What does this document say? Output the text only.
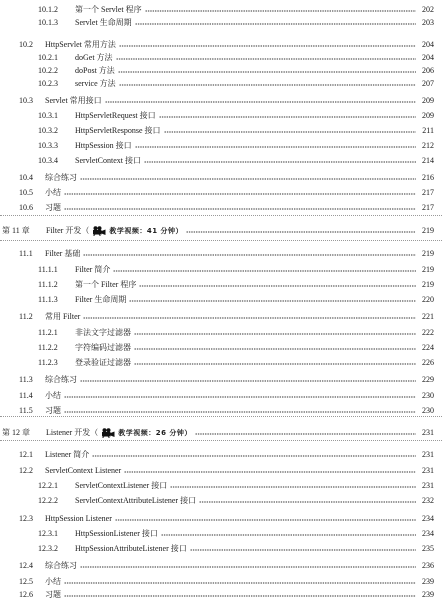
10.1.2	第一个 Servlet 程序	202
10.1.3	Servlet 生命周期	203
10.2	HttpServlet 常用方法	204
10.2.1	doGet 方法	204
10.2.2	doPost 方法	206
10.2.3	service 方法	207
10.3	Servlet 常用接口	209
10.3.1	HttpServletRequest 接口	209
10.3.2	HttpServletResponse 接口	211
10.3.3	HttpSession 接口	212
10.3.4	ServletContext 接口	214
10.4	综合练习	216
10.5	小结	217
10.6	习题	217
第 11 章	Filter 开发（	教学视频：41 分钟）	219
11.1	Filter 基础	219
11.1.1	Filter 简介	219
11.1.2	第一个 Filter 程序	219
11.1.3	Filter 生命周期	220
11.2	常用 Filter	221
11.2.1	非法文字过滤器	222
11.2.2	字符编码过滤器	224
11.2.3	登录验证过滤器	226
11.3	综合练习	229
11.4	小结	230
11.5	习题	230
第 12 章	Listener 开发（	教学视频：26 分钟）	231
12.1	Listener 简介	231
12.2	ServletContext Listener	231
12.2.1	ServletContextListener 接口	231
12.2.2	ServletContextAttributeListener 接口	232
12.3	HttpSession Listener	234
12.3.1	HttpSessionListener 接口	234
12.3.2	HttpSessionAttributeListener 接口	235
12.4	综合练习	236
12.5	小结	239
12.6	习题	239
